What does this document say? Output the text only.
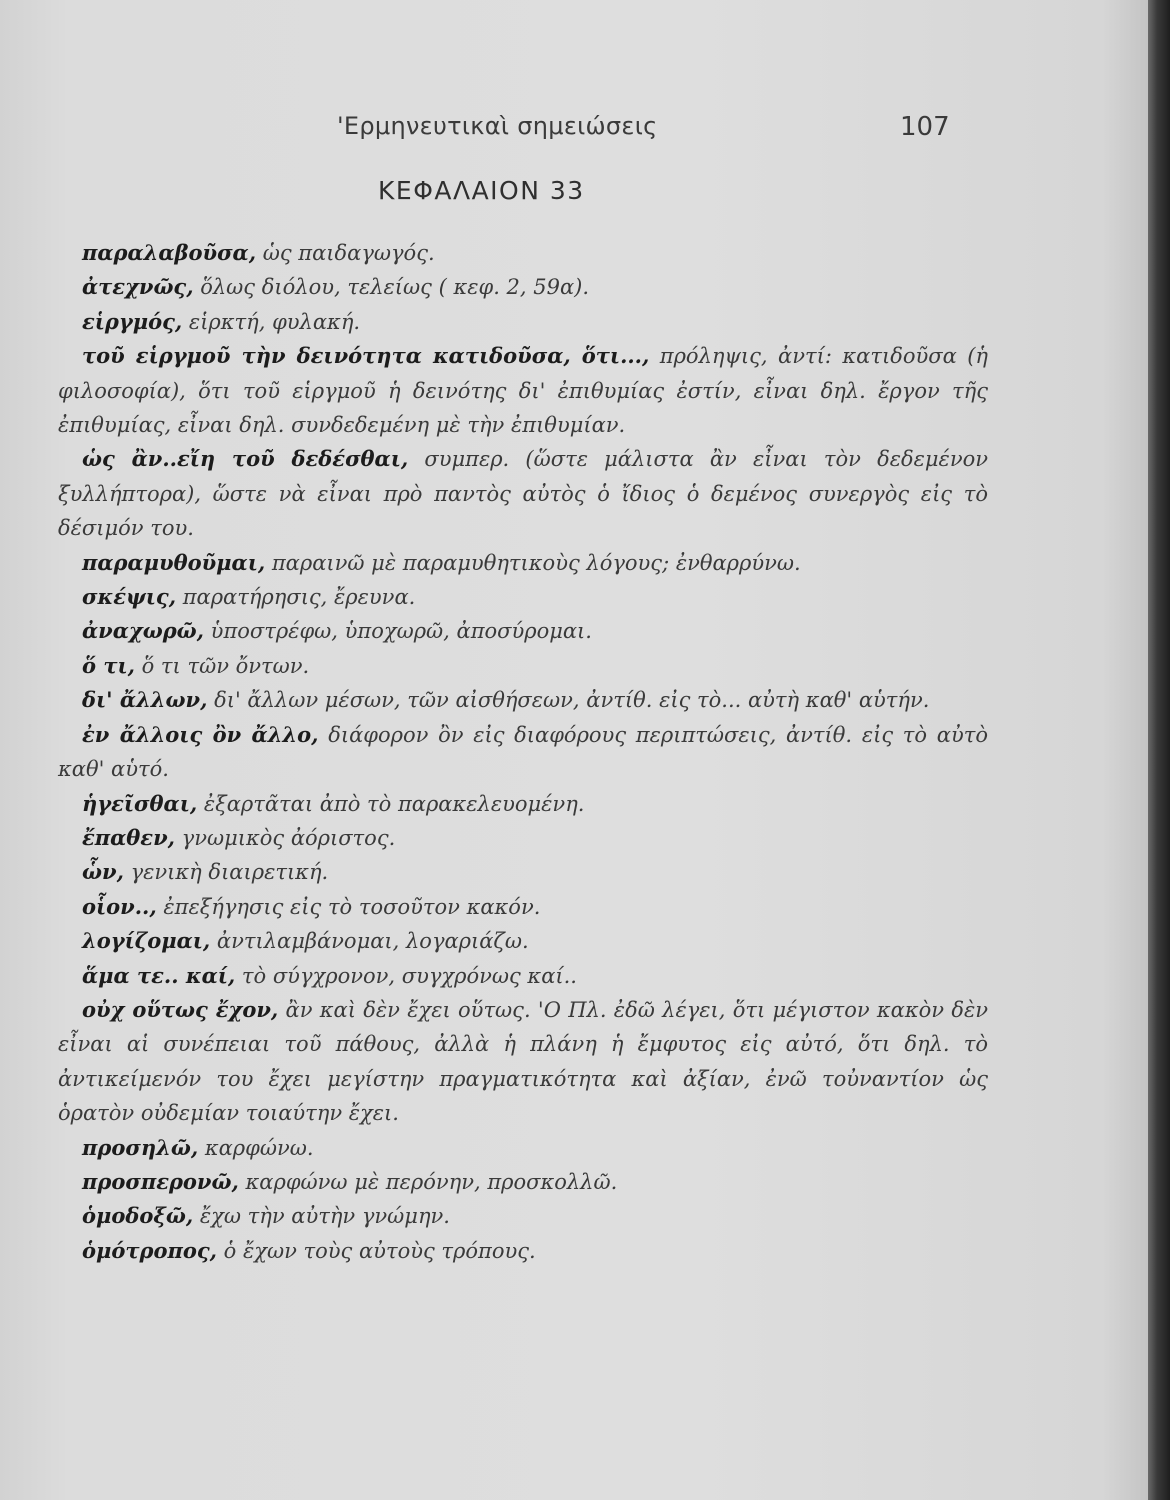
'Ερμηνευτικαὶ σημειώσεις	107
ΚΕΦΑΛΑΙΟΝ 33

παραλαβοῦσα, ὡς παιδαγωγός.

ἀτεχνῶς, ὅλως διόλου, τελείως ( κεφ. 2, 59α).

εἱργμός, εἱρκτή, φυλακή.

τοῦ εἱργμοῦ τὴν δεινότητα κατιδοῦσα, ὅτι..., πρόληψις, ἀντί: κατιδοῦσα (ἡ φιλοσοφία), ὅτι τοῦ εἱργμοῦ ἡ δεινότης δι' ἐπιθυμίας ἐστίν, εἶναι δηλ. ἔργον τῆς ἐπιθυμίας, εἶναι δηλ. συνδεδεμένη μὲ τὴν ἐπιθυμίαν.

ὡς ἂν..εἴη τοῦ δεδέσθαι, συμπερ. (ὥστε μάλιστα ἂν εἶναι τὸν δεδεμένον ξυλλήπτορα), ὥστε νὰ εἶναι πρὸ παντὸς αὐτὸς ὁ ἴδιος ὁ δεμένος συνεργὸς εἰς τὸ δέσιμόν του.

παραμυθοῦμαι, παραινῶ μὲ παραμυθητικοὺς λόγους; ἐνθαρρύνω.

σκέψις, παρατήρησις, ἔρευνα.

ἀναχωρῶ, ὑποστρέφω, ὑποχωρῶ, ἀποσύρομαι.

ὅ τι, ὅ τι τῶν ὄντων.

δι' ἄλλων, δι' ἄλλων μέσων, τῶν αἰσθήσεων, ἀντίθ. εἰς τὸ... αὐτὴ καθ' αὑτήν.

ἐν ἄλλοις ὂν ἄλλο, διάφορον ὂν εἰς διαφόρους περιπτώσεις, ἀντίθ. εἰς τὸ αὐτὸ καθ' αὑτό.

ἡγεῖσθαι, ἐξαρτᾶται ἀπὸ τὸ παρακελευομένη.

ἔπαθεν, γνωμικὸς ἀόριστος.

ὧν, γενικὴ διαιρετική.

οἷον.., ἐπεξήγησις εἰς τὸ τοσοῦτον κακόν.

λογίζομαι, ἀντιλαμβάνομαι, λογαριάζω.

ἅμα τε.. καί, τὸ σύγχρονον, συγχρόνως καί..

οὐχ οὕτως ἔχον, ἂν καὶ δὲν ἔχει οὕτως. 'Ο Πλ. ἐδῶ λέγει, ὅτι μέγιστον κακὸν δὲν εἶναι αἱ συνέπειαι τοῦ πάθους, ἀλλὰ ἡ πλάνη ἡ ἔμφυτος εἰς αὐτό, ὅτι δηλ. τὸ ἀντικείμενόν του ἔχει μεγίστην πραγματικότητα καὶ ἀξίαν, ἐνῶ τοὐναντίον ὡς ὁρατὸν οὐδεμίαν τοιαύτην ἔχει.

προσηλῶ, καρφώνω.

προσπερονῶ, καρφώνω μὲ περόνην, προσκολλῶ.

ὁμοδοξῶ, ἔχω τὴν αὐτὴν γνώμην.

ὁμότροπος, ὁ ἔχων τοὺς αὐτοὺς τρόπους.
